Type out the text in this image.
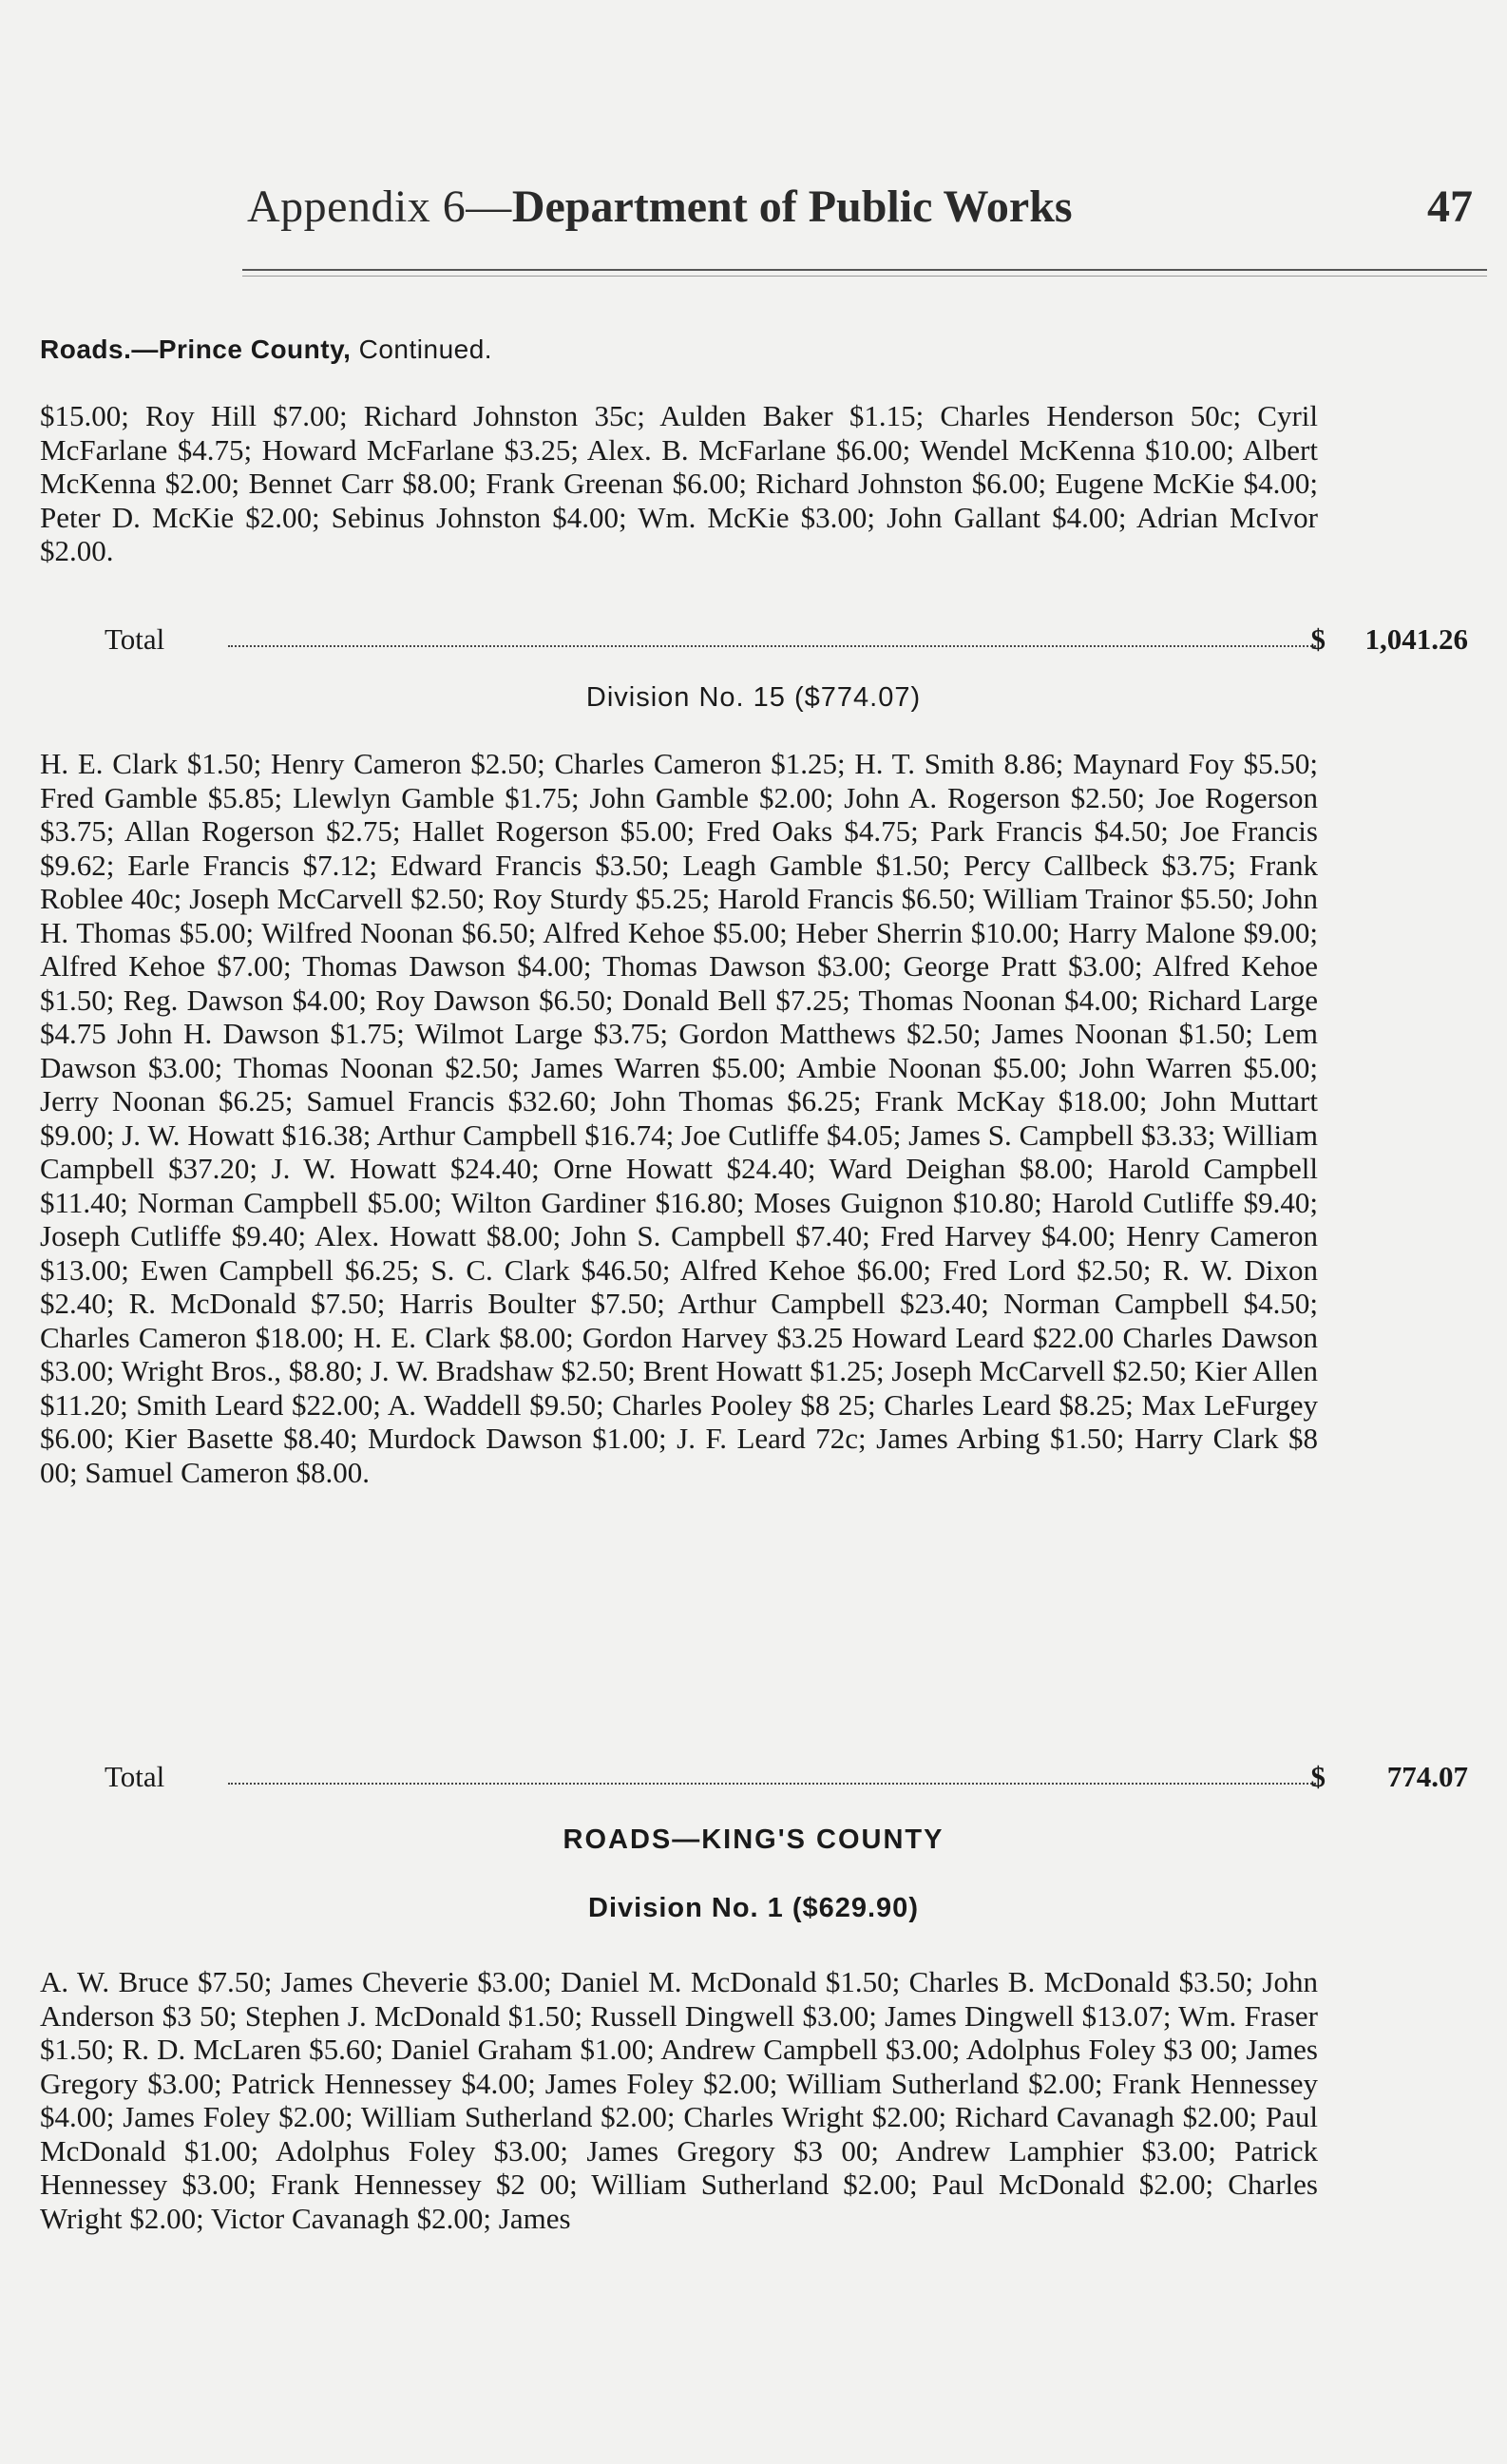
Appendix 6—Department of Public Works	47
Roads.—Prince County, Continued.

$15.00; Roy Hill $7.00; Richard Johnston 35c; Aulden Baker $1.15; Charles Henderson 50c; Cyril McFarlane $4.75; Howard McFarlane $3.25; Alex. B. McFarlane $6.00; Wendel McKenna $10.00; Albert McKenna $2.00; Bennet Carr $8.00; Frank Greenan $6.00; Richard Johnston $6.00; Eugene McKie $4.00; Peter D. McKie $2.00; Sebinus Johnston $4.00; Wm. McKie $3.00; John Gallant $4.00; Adrian McIvor $2.00.

Total	$ 1,041.26
Division No. 15 ($774.07)

H. E. Clark $1.50; Henry Cameron $2.50; Charles Cameron $1.25; H. T. Smith 8.86; Maynard Foy $5.50; Fred Gamble $5.85; Llewlyn Gamble $1.75; John Gamble $2.00; John A. Rogerson $2.50; Joe Rogerson $3.75; Allan Rogerson $2.75; Hallet Rogerson $5.00; Fred Oaks $4.75; Park Francis $4.50; Joe Francis $9.62; Earle Francis $7.12; Edward Francis $3.50; Leagh Gamble $1.50; Percy Callbeck $3.75; Frank Roblee 40c; Joseph McCarvell $2.50; Roy Sturdy $5.25; Harold Francis $6.50; William Trainor $5.50; John H. Thomas $5.00; Wilfred Noonan $6.50; Alfred Kehoe $5.00; Heber Sherrin $10.00; Harry Malone $9.00; Alfred Kehoe $7.00; Thomas Dawson $4.00; Thomas Dawson $3.00; George Pratt $3.00; Alfred Kehoe $1.50; Reg. Dawson $4.00; Roy Dawson $6.50; Donald Bell $7.25; Thomas Noonan $4.00; Richard Large $4.75 John H. Dawson $1.75; Wilmot Large $3.75; Gordon Matthews $2.50; James Noonan $1.50; Lem Dawson $3.00; Thomas Noonan $2.50; James Warren $5.00; Ambie Noonan $5.00; John Warren $5.00; Jerry Noonan $6.25; Samuel Francis $32.60; John Thomas $6.25; Frank McKay $18.00; John Muttart $9.00; J. W. Howatt $16.38; Arthur Campbell $16.74; Joe Cutliffe $4.05; James S. Campbell $3.33; William Campbell $37.20; J. W. Howatt $24.40; Orne Howatt $24.40; Ward Deighan $8.00; Harold Campbell $11.40; Norman Campbell $5.00; Wilton Gardiner $16.80; Moses Guignon $10.80; Harold Cutliffe $9.40; Joseph Cutliffe $9.40; Alex. Howatt $8.00; John S. Campbell $7.40; Fred Harvey $4.00; Henry Cameron $13.00; Ewen Campbell $6.25; S. C. Clark $46.50; Alfred Kehoe $6.00; Fred Lord $2.50; R. W. Dixon $2.40; R. McDonald $7.50; Harris Boulter $7.50; Arthur Campbell $23.40; Norman Campbell $4.50; Charles Cameron $18.00; H. E. Clark $8.00; Gordon Harvey $3.25 Howard Leard $22.00 Charles Dawson $3.00; Wright Bros., $8.80; J. W. Bradshaw $2.50; Brent Howatt $1.25; Joseph McCarvell $2.50; Kier Allen $11.20; Smith Leard $22.00; A. Waddell $9.50; Charles Pooley $8 25; Charles Leard $8.25; Max LeFurgey $6.00; Kier Basette $8.40; Murdock Dawson $1.00; J. F. Leard 72c; James Arbing $1.50; Harry Clark $8 00; Samuel Cameron $8.00.

Total	$ 774.07
ROADS—KING'S COUNTY
Division No. 1 ($629.90)

A. W. Bruce $7.50; James Cheverie $3.00; Daniel M. McDonald $1.50; Charles B. McDonald $3.50; John Anderson $3 50; Stephen J. McDonald $1.50; Russell Dingwell $3.00; James Dingwell $13.07; Wm. Fraser $1.50; R. D. McLaren $5.60; Daniel Graham $1.00; Andrew Campbell $3.00; Adolphus Foley $3 00; James Gregory $3.00; Patrick Hennessey $4.00; James Foley $2.00; William Sutherland $2.00; Frank Hennessey $4.00; James Foley $2.00; William Sutherland $2.00; Charles Wright $2.00; Richard Cavanagh $2.00; Paul McDonald $1.00; Adolphus Foley $3.00; James Gregory $3 00; Andrew Lamphier $3.00; Patrick Hennessey $3.00; Frank Hennessey $2 00; William Sutherland $2.00; Paul McDonald $2.00; Charles Wright $2.00; Victor Cavanagh $2.00; James
